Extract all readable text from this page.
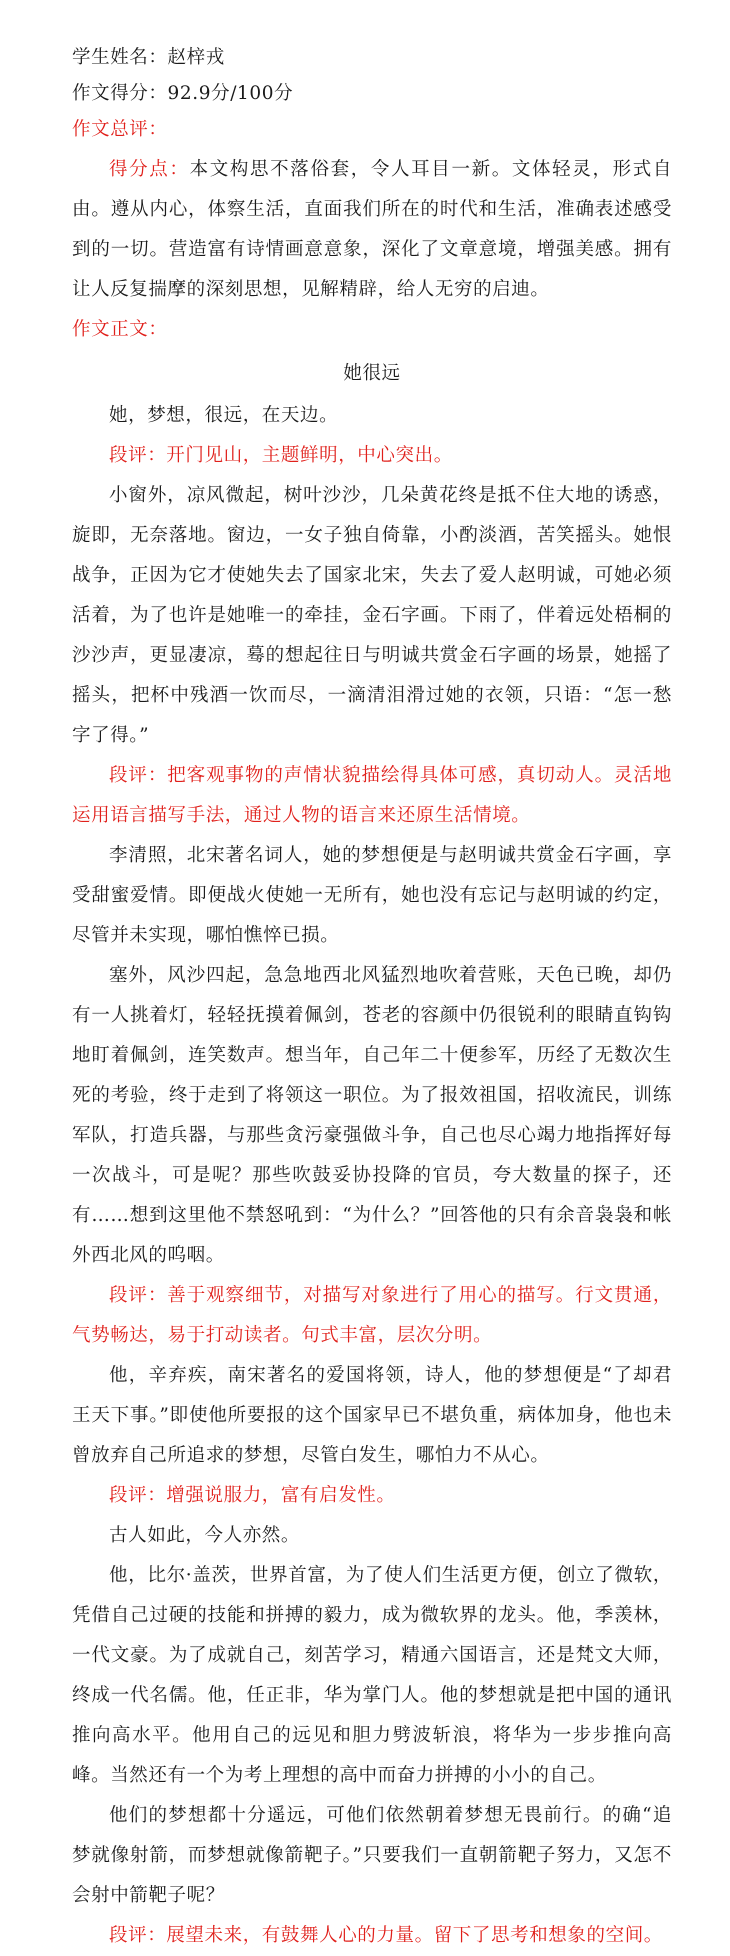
学生姓名：赵梓戎

作文得分：92.9分/100分

作文总评：

得分点：本文构思不落俗套，令人耳目一新。文体轻灵，形式自由。遵从内心，体察生活，直面我们所在的时代和生活，准确表述感受到的一切。营造富有诗情画意意象，深化了文章意境，增强美感。拥有让人反复揣摩的深刻思想，见解精辟，给人无穷的启迪。

作文正文：

她很远

她，梦想，很远，在天边。

段评：开门见山，主题鲜明，中心突出。

小窗外，凉风微起，树叶沙沙，几朵黄花终是抵不住大地的诱惑，旋即，无奈落地。窗边，一女子独自倚靠，小酌淡酒，苦笑摇头。她恨战争，正因为它才使她失去了国家北宋，失去了爱人赵明诚，可她必须活着，为了也许是她唯一的牵挂，金石字画。下雨了，伴着远处梧桐的沙沙声，更显凄凉，蓦的想起往日与明诚共赏金石字画的场景，她摇了摇头，把杯中残酒一饮而尽，一滴清泪滑过她的衣领，只语：“怎一愁字了得。”

段评：把客观事物的声情状貌描绘得具体可感，真切动人。灵活地运用语言描写手法，通过人物的语言来还原生活情境。

李清照，北宋著名词人，她的梦想便是与赵明诚共赏金石字画，享受甜蜜爱情。即便战火使她一无所有，她也没有忘记与赵明诚的约定，尽管并未实现，哪怕憔悴已损。

塞外，风沙四起，急急地西北风猛烈地吹着营账，天色已晚，却仍有一人挑着灯，轻轻抚摸着佩剑，苍老的容颜中仍很锐利的眼睛直钩钩地盯着佩剑，连笑数声。想当年，自己年二十便参军，历经了无数次生死的考验，终于走到了将领这一职位。为了报效祖国，招收流民，训练军队，打造兵器，与那些贪污豪强做斗争，自己也尽心竭力地指挥好每一次战斗，可是呢？那些吹鼓妥协投降的官员，夸大数量的探子，还有……想到这里他不禁怒吼到：“为什么？”回答他的只有余音袅袅和帐外西北风的呜咽。

段评：善于观察细节，对描写对象进行了用心的描写。行文贯通，气势畅达，易于打动读者。句式丰富，层次分明。

他，辛弃疾，南宋著名的爱国将领，诗人，他的梦想便是“了却君王天下事。”即使他所要报的这个国家早已不堪负重，病体加身，他也未曾放弃自己所追求的梦想，尽管白发生，哪怕力不从心。

段评：增强说服力，富有启发性。

古人如此，今人亦然。

他，比尔·盖茨，世界首富，为了使人们生活更方便，创立了微软，凭借自己过硬的技能和拼搏的毅力，成为微软界的龙头。他，季羡林，一代文豪。为了成就自己，刻苦学习，精通六国语言，还是梵文大师，终成一代名儒。他，任正非，华为掌门人。他的梦想就是把中国的通讯推向高水平。他用自己的远见和胆力劈波斩浪，将华为一步步推向高峰。当然还有一个为考上理想的高中而奋力拼搏的小小的自己。

他们的梦想都十分遥远，可他们依然朝着梦想无畏前行。的确“追梦就像射箭，而梦想就像箭靶子。”只要我们一直朝箭靶子努力，又怎不会射中箭靶子呢？

段评：展望未来，有鼓舞人心的力量。留下了思考和想象的空间。
